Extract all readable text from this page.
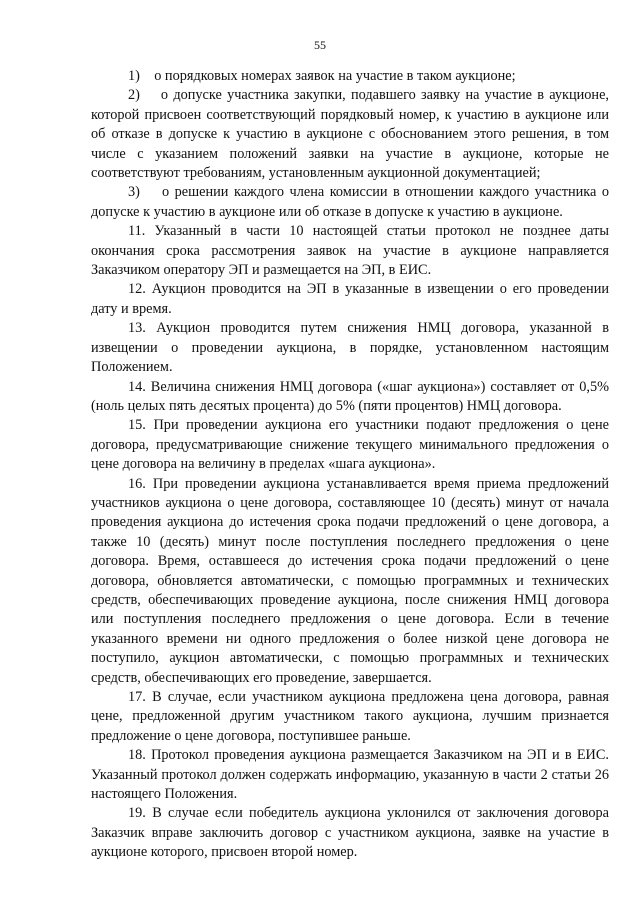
55

1)    о порядковых номерах заявок на участие в таком аукционе;

2)    о допуске участника закупки, подавшего заявку на участие в аукционе, которой присвоен соответствующий порядковый номер, к участию в аукционе или об отказе в допуске к участию в аукционе с обоснованием этого решения, в том числе с указанием положений заявки на участие в аукционе, которые не соответствуют требованиям, установленным аукционной документацией;

3)    о решении каждого члена комиссии в отношении каждого участника о допуске к участию в аукционе или об отказе в допуске к участию в аукционе.

11. Указанный в части 10 настоящей статьи протокол не позднее даты окончания срока рассмотрения заявок на участие в аукционе направляется Заказчиком оператору ЭП и размещается на ЭП, в ЕИС.

12. Аукцион проводится на ЭП в указанные в извещении о его проведении дату и время.

13. Аукцион проводится путем снижения НМЦ договора, указанной в извещении о проведении аукциона, в порядке, установленном настоящим Положением.

14. Величина снижения НМЦ договора («шаг аукциона») составляет от 0,5% (ноль целых пять десятых процента) до 5% (пяти процентов) НМЦ договора.

15. При проведении аукциона его участники подают предложения о цене договора, предусматривающие снижение текущего минимального предложения о цене договора на величину в пределах «шага аукциона».

16. При проведении аукциона устанавливается время приема предложений участников аукциона о цене договора, составляющее 10 (десять) минут от начала проведения аукциона до истечения срока подачи предложений о цене договора, а также 10 (десять) минут после поступления последнего предложения о цене договора. Время, оставшееся до истечения срока подачи предложений о цене договора, обновляется автоматически, с помощью программных и технических средств, обеспечивающих проведение аукциона, после снижения НМЦ договора или поступления последнего предложения о цене договора. Если в течение указанного времени ни одного предложения о более низкой цене договора не поступило, аукцион автоматически, с помощью программных и технических средств, обеспечивающих его проведение, завершается.

17. В случае, если участником аукциона предложена цена договора, равная цене, предложенной другим участником такого аукциона, лучшим признается предложение о цене договора, поступившее раньше.

18. Протокол проведения аукциона размещается Заказчиком на ЭП и в ЕИС. Указанный протокол должен содержать информацию, указанную в части 2 статьи 26 настоящего Положения.

19. В случае если победитель аукциона уклонился от заключения договора Заказчик вправе заключить договор с участником аукциона, заявке на участие в аукционе которого, присвоен второй номер.
